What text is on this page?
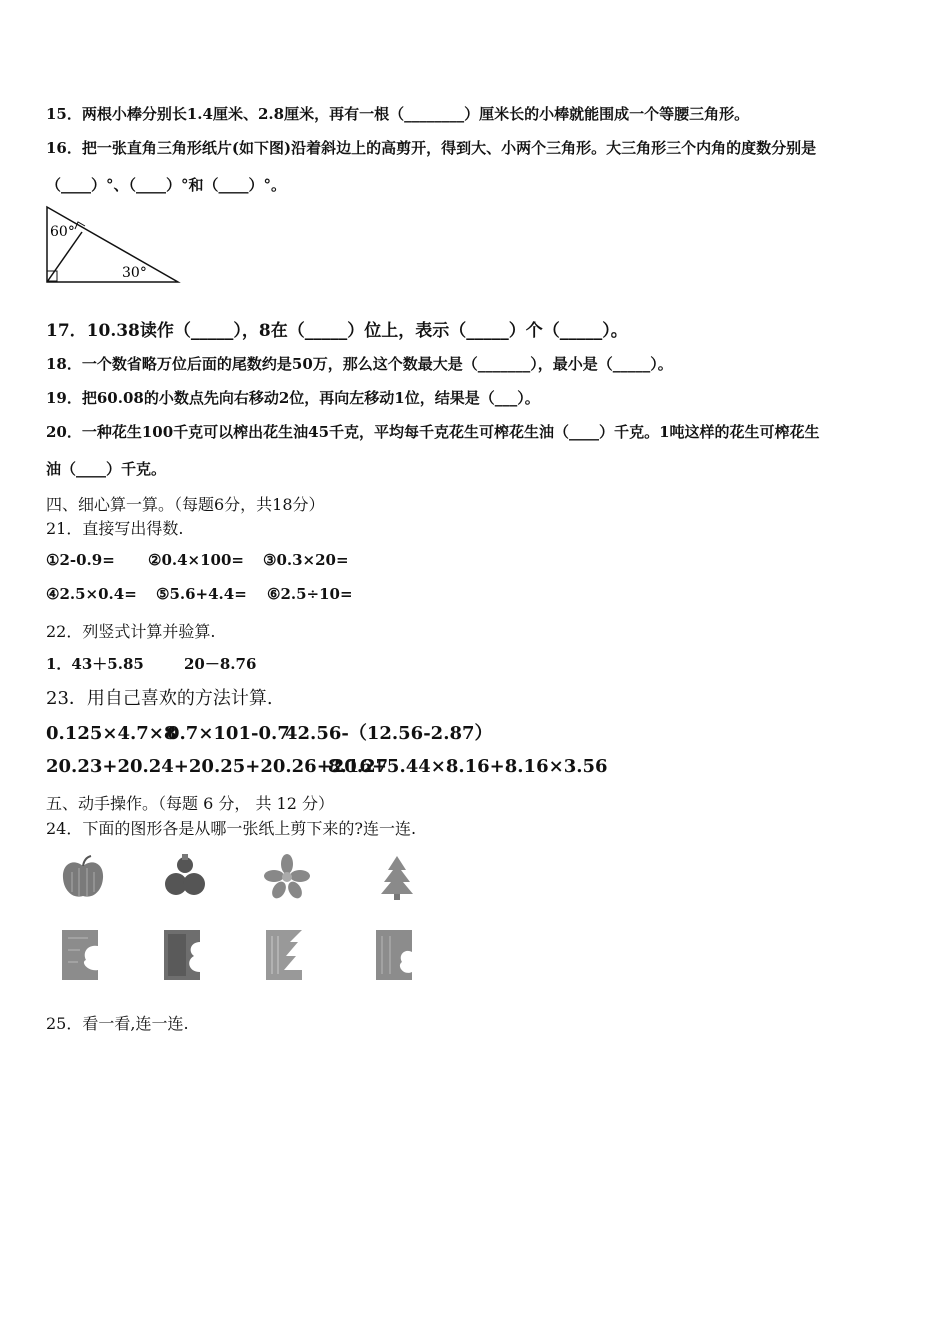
15．两根小棒分别长1.4厘米、2.8厘米，再有一根（________）厘米长的小棒就能围成一个等腰三角形。
16．把一张直角三角形纸片(如下图)沿着斜边上的高剪开，得到大、小两个三角形。大三角形三个内角的度数分别是
（____）°、（____）°和（____）°。
60°
30°
17．10.38读作（_____），8在（_____）位上，表示（_____）个（_____）。
18．一个数省略万位后面的尾数约是50万，那么这个数最大是（_______），最小是（_____）。
19．把60.08的小数点先向右移动2位，再向左移动1位，结果是（___）。
20．一种花生100千克可以榨出花生油45千克，平均每千克花生可榨花生油（____）千克。1吨这样的花生可榨花生
油（____）千克。
四、细心算一算。（每题6分，共18分）
21．直接写出得数.
①2-0.9= ②0.4×100= ③0.3×20=
④2.5×0.4= ⑤5.6+4.4= ⑥2.5÷10=
22．列竖式计算并验算.
1．43＋5.85	20－8.76
23．用自己喜欢的方法计算.
0.125×4.7×80.7×101-0.742.56-（12.56-2.87）
20.23+20.24+20.25+20.26+20.278.16+5.44×8.16+8.16×3.56
五、动手操作。（每题 6 分， 共 12 分）
24．下面的图形各是从哪一张纸上剪下来的?连一连.
25．看一看,连一连.
